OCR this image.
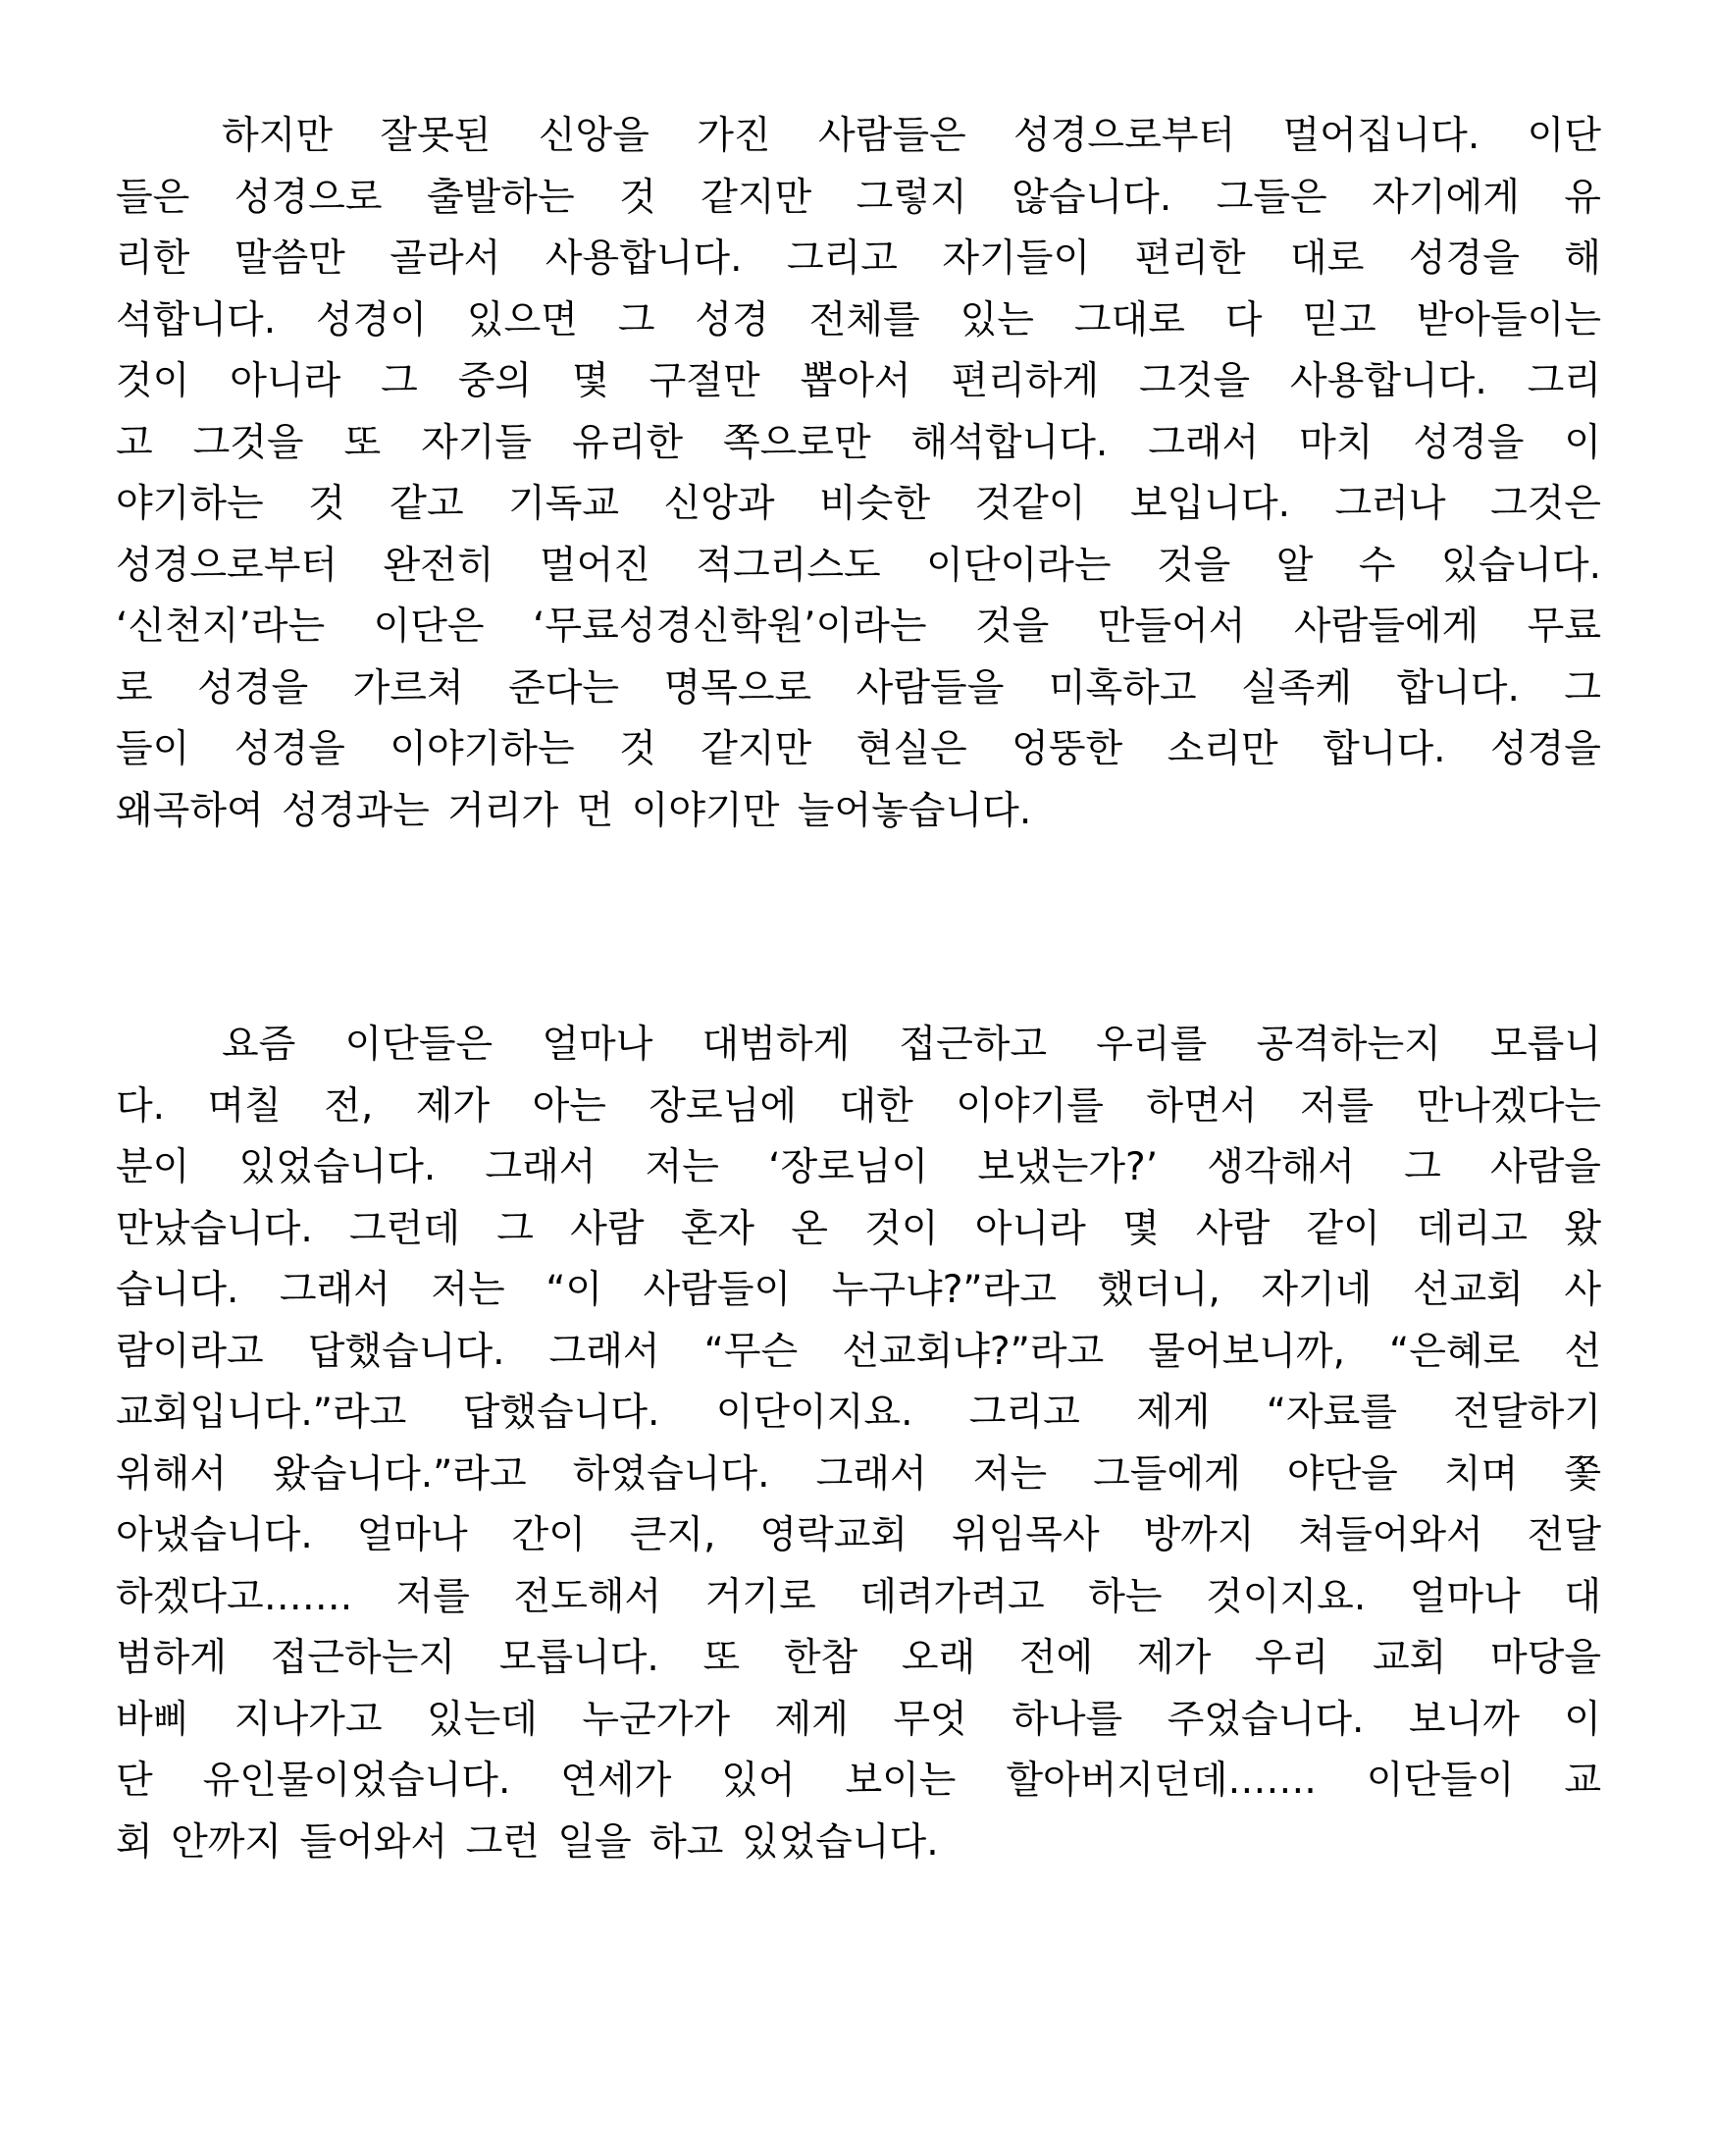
하지만 잘못된 신앙을 가진 사람들은 성경으로부터 멀어집니다. 이단
들은 성경으로 출발하는 것 같지만 그렇지 않습니다. 그들은 자기에게 유
리한 말씀만 골라서 사용합니다. 그리고 자기들이 편리한 대로 성경을 해
석합니다. 성경이 있으면 그 성경 전체를 있는 그대로 다 믿고 받아들이는
것이 아니라 그 중의 몇 구절만 뽑아서 편리하게 그것을 사용합니다. 그리
고 그것을 또 자기들 유리한 쪽으로만 해석합니다. 그래서 마치 성경을 이
야기하는 것 같고 기독교 신앙과 비슷한 것같이 보입니다. 그러나 그것은
성경으로부터 완전히 멀어진 적그리스도 이단이라는 것을 알 수 있습니다.
‘신천지’라는 이단은 ‘무료성경신학원’이라는 것을 만들어서 사람들에게 무료
로 성경을 가르쳐 준다는 명목으로 사람들을 미혹하고 실족케 합니다. 그
들이 성경을 이야기하는 것 같지만 현실은 엉뚱한 소리만 합니다. 성경을
왜곡하여 성경과는 거리가 먼 이야기만 늘어놓습니다.
요즘 이단들은 얼마나 대범하게 접근하고 우리를 공격하는지 모릅니
다. 며칠 전, 제가 아는 장로님에 대한 이야기를 하면서 저를 만나겠다는
분이 있었습니다. 그래서 저는 ‘장로님이 보냈는가?’ 생각해서 그 사람을
만났습니다. 그런데 그 사람 혼자 온 것이 아니라 몇 사람 같이 데리고 왔
습니다. 그래서 저는 “이 사람들이 누구냐?”라고 했더니, 자기네 선교회 사
람이라고 답했습니다. 그래서 “무슨 선교회냐?”라고 물어보니까, “은혜로 선
교회입니다.”라고 답했습니다. 이단이지요. 그리고 제게 “자료를 전달하기
위해서 왔습니다.”라고 하였습니다. 그래서 저는 그들에게 야단을 치며 쫓
아냈습니다. 얼마나 간이 큰지, 영락교회 위임목사 방까지 쳐들어와서 전달
하겠다고……. 저를 전도해서 거기로 데려가려고 하는 것이지요. 얼마나 대
범하게 접근하는지 모릅니다. 또 한참 오래 전에 제가 우리 교회 마당을
바삐 지나가고 있는데 누군가가 제게 무엇 하나를 주었습니다. 보니까 이
단 유인물이었습니다. 연세가 있어 보이는 할아버지던데……. 이단들이 교
회 안까지 들어와서 그런 일을 하고 있었습니다.
